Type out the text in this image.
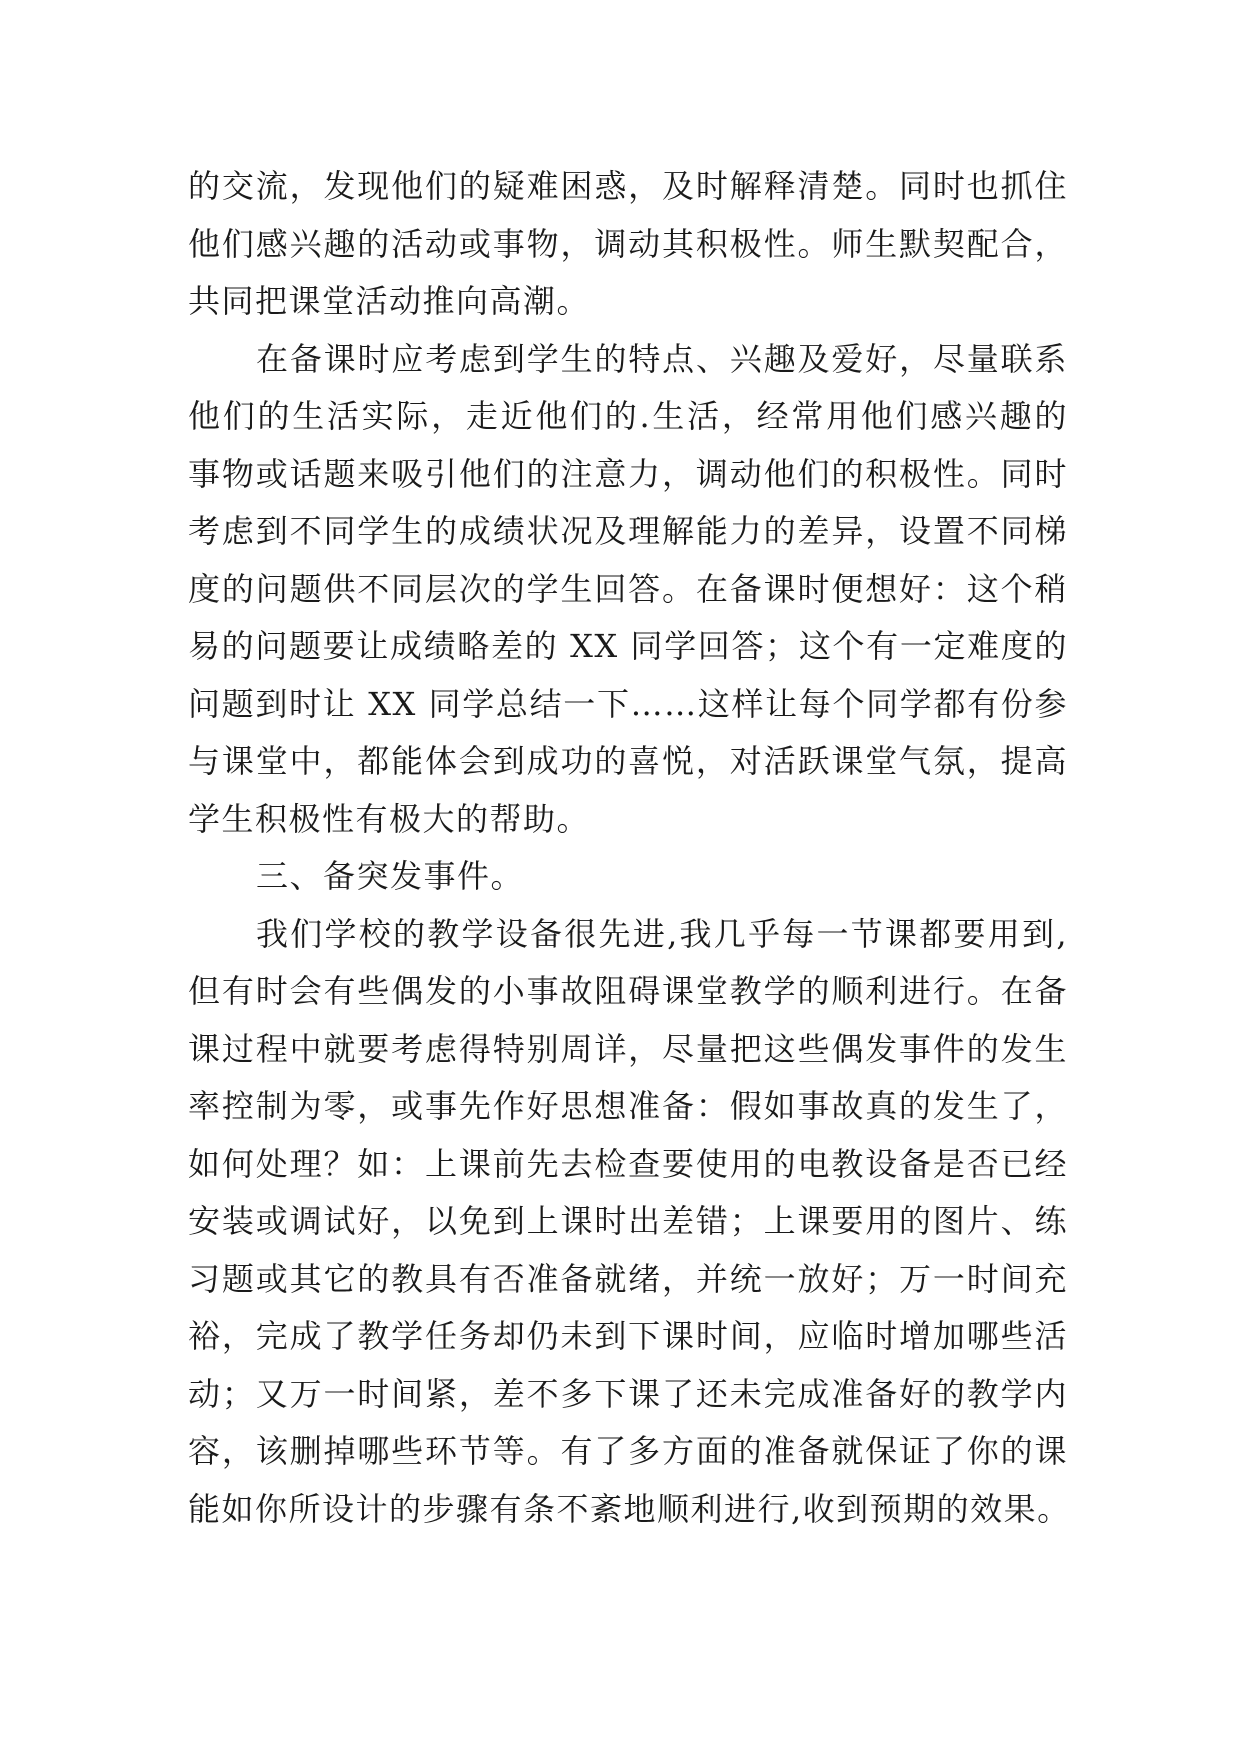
的交流，发现他们的疑难困惑，及时解释清楚。同时也抓住
他们感兴趣的活动或事物，调动其积极性。师生默契配合，
共同把课堂活动推向高潮。
在备课时应考虑到学生的特点、兴趣及爱好，尽量联系
他们的生活实际，走近他们的.生活，经常用他们感兴趣的
事物或话题来吸引他们的注意力，调动他们的积极性。同时
考虑到不同学生的成绩状况及理解能力的差异，设置不同梯
度的问题供不同层次的学生回答。在备课时便想好：这个稍
易的问题要让成绩略差的 XX 同学回答；这个有一定难度的
问题到时让 XX 同学总结一下……这样让每个同学都有份参
与课堂中，都能体会到成功的喜悦，对活跃课堂气氛，提高
学生积极性有极大的帮助。
三、备突发事件。
我们学校的教学设备很先进,我几乎每一节课都要用到,
但有时会有些偶发的小事故阻碍课堂教学的顺利进行。在备
课过程中就要考虑得特别周详，尽量把这些偶发事件的发生
率控制为零，或事先作好思想准备：假如事故真的发生了，
如何处理？如：上课前先去检查要使用的电教设备是否已经
安装或调试好，以免到上课时出差错；上课要用的图片、练
习题或其它的教具有否准备就绪，并统一放好；万一时间充
裕，完成了教学任务却仍未到下课时间，应临时增加哪些活
动；又万一时间紧，差不多下课了还未完成准备好的教学内
容，该删掉哪些环节等。有了多方面的准备就保证了你的课
能如你所设计的步骤有条不紊地顺利进行,收到预期的效果。
